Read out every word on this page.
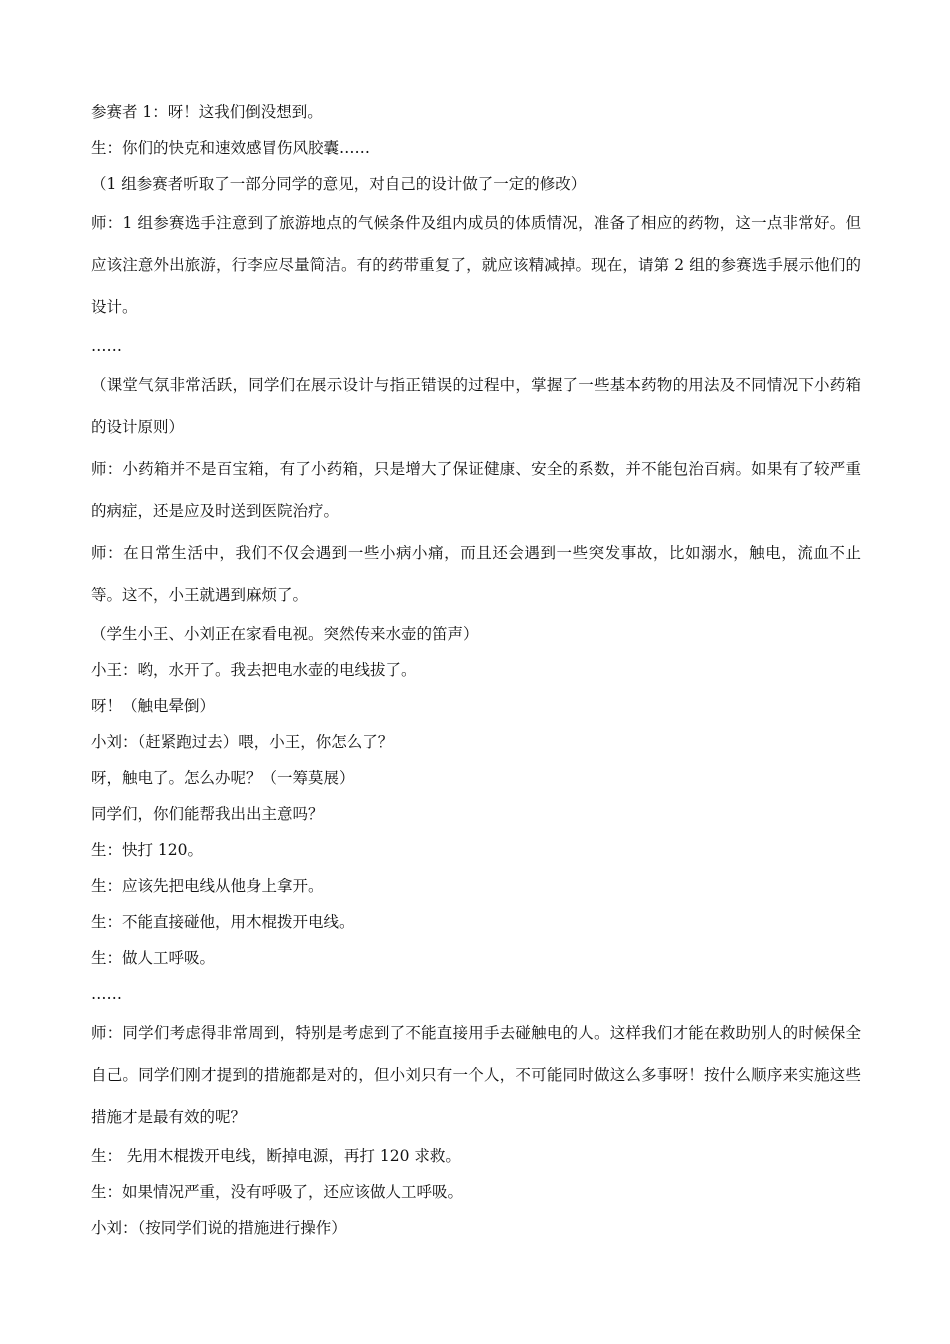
参赛者 1：呀！这我们倒没想到。

生：你们的快克和速效感冒伤风胶囊……

（1 组参赛者听取了一部分同学的意见，对自己的设计做了一定的修改）

师：1 组参赛选手注意到了旅游地点的气候条件及组内成员的体质情况，准备了相应的药物，这一点非常好。但应该注意外出旅游，行李应尽量简洁。有的药带重复了，就应该精减掉。现在，请第 2 组的参赛选手展示他们的设计。

……

（课堂气氛非常活跃，同学们在展示设计与指正错误的过程中，掌握了一些基本药物的用法及不同情况下小药箱的设计原则）

师：小药箱并不是百宝箱，有了小药箱，只是增大了保证健康、安全的系数，并不能包治百病。如果有了较严重的病症，还是应及时送到医院治疗。

师：在日常生活中，我们不仅会遇到一些小病小痛，而且还会遇到一些突发事故，比如溺水，触电，流血不止等。这不，小王就遇到麻烦了。

（学生小王、小刘正在家看电视。突然传来水壶的笛声）

小王：哟，水开了。我去把电水壶的电线拔了。

呀！（触电晕倒）

小刘：（赶紧跑过去）喂，小王，你怎么了？

呀，触电了。怎么办呢？（一筹莫展）

同学们，你们能帮我出出主意吗？

生：快打 120。

生：应该先把电线从他身上拿开。

生：不能直接碰他，用木棍拨开电线。

生：做人工呼吸。

……

师：同学们考虑得非常周到，特别是考虑到了不能直接用手去碰触电的人。这样我们才能在救助别人的时候保全自己。同学们刚才提到的措施都是对的，但小刘只有一个人，不可能同时做这么多事呀！按什么顺序来实施这些措施才是最有效的呢？

生： 先用木棍拨开电线，断掉电源，再打 120 求救。

生：如果情况严重，没有呼吸了，还应该做人工呼吸。

小刘：（按同学们说的措施进行操作）
